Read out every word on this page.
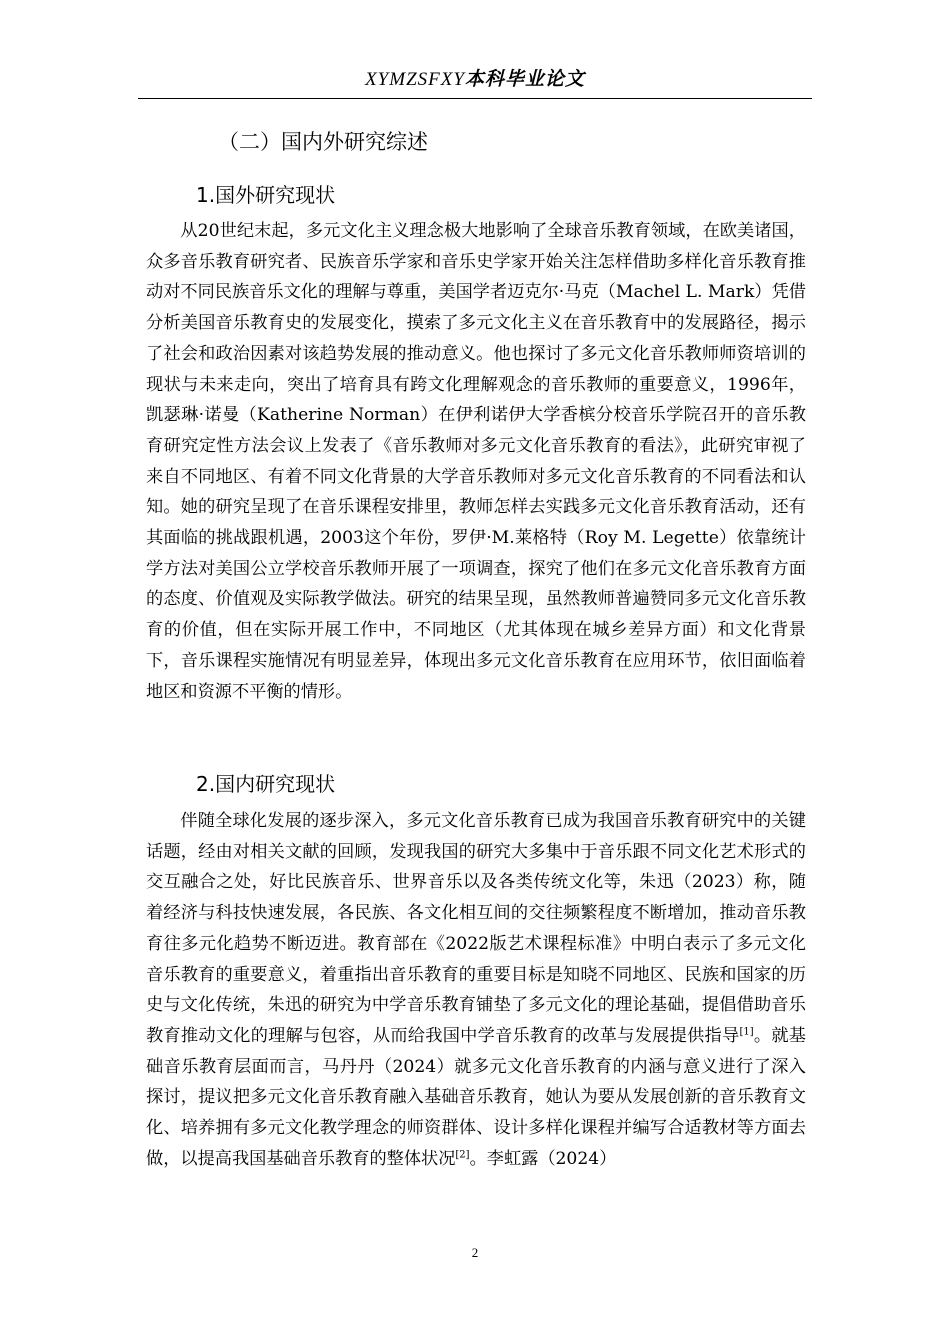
XYMZSFXY本科毕业论文
（二）国内外研究综述
1.国外研究现状

从20世纪末起，多元文化主义理念极大地影响了全球音乐教育领域，在欧美诸国，众多音乐教育研究者、民族音乐学家和音乐史学家开始关注怎样借助多样化音乐教育推动对不同民族音乐文化的理解与尊重，美国学者迈克尔·马克（Machel L. Mark）凭借分析美国音乐教育史的发展变化，摸索了多元文化主义在音乐教育中的发展路径，揭示了社会和政治因素对该趋势发展的推动意义。他也探讨了多元文化音乐教师师资培训的现状与未来走向，突出了培育具有跨文化理解观念的音乐教师的重要意义，1996年，凯瑟琳·诺曼（Katherine Norman）在伊利诺伊大学香槟分校音乐学院召开的音乐教育研究定性方法会议上发表了《音乐教师对多元文化音乐教育的看法》，此研究审视了来自不同地区、有着不同文化背景的大学音乐教师对多元文化音乐教育的不同看法和认知。她的研究呈现了在音乐课程安排里，教师怎样去实践多元文化音乐教育活动，还有其面临的挑战跟机遇，2003这个年份，罗伊·M.莱格特（Roy M. Legette）依靠统计学方法对美国公立学校音乐教师开展了一项调查，探究了他们在多元文化音乐教育方面的态度、价值观及实际教学做法。研究的结果呈现，虽然教师普遍赞同多元文化音乐教育的价值，但在实际开展工作中，不同地区（尤其体现在城乡差异方面）和文化背景下，音乐课程实施情况有明显差异，体现出多元文化音乐教育在应用环节，依旧面临着地区和资源不平衡的情形。

2.国内研究现状

伴随全球化发展的逐步深入，多元文化音乐教育已成为我国音乐教育研究中的关键话题，经由对相关文献的回顾，发现我国的研究大多集中于音乐跟不同文化艺术形式的交互融合之处，好比民族音乐、世界音乐以及各类传统文化等，朱迅（2023）称，随着经济与科技快速发展，各民族、各文化相互间的交往频繁程度不断增加，推动音乐教育往多元化趋势不断迈进。教育部在《2022版艺术课程标准》中明白表示了多元文化音乐教育的重要意义，着重指出音乐教育的重要目标是知晓不同地区、民族和国家的历史与文化传统，朱迅的研究为中学音乐教育铺垫了多元文化的理论基础，提倡借助音乐教育推动文化的理解与包容，从而给我国中学音乐教育的改革与发展提供指导[1]。就基础音乐教育层面而言，马丹丹（2024）就多元文化音乐教育的内涵与意义进行了深入探讨，提议把多元文化音乐教育融入基础音乐教育，她认为要从发展创新的音乐教育文化、培养拥有多元文化教学理念的师资群体、设计多样化课程并编写合适教材等方面去做，以提高我国基础音乐教育的整体状况[2]。李虹露（2024）

2
